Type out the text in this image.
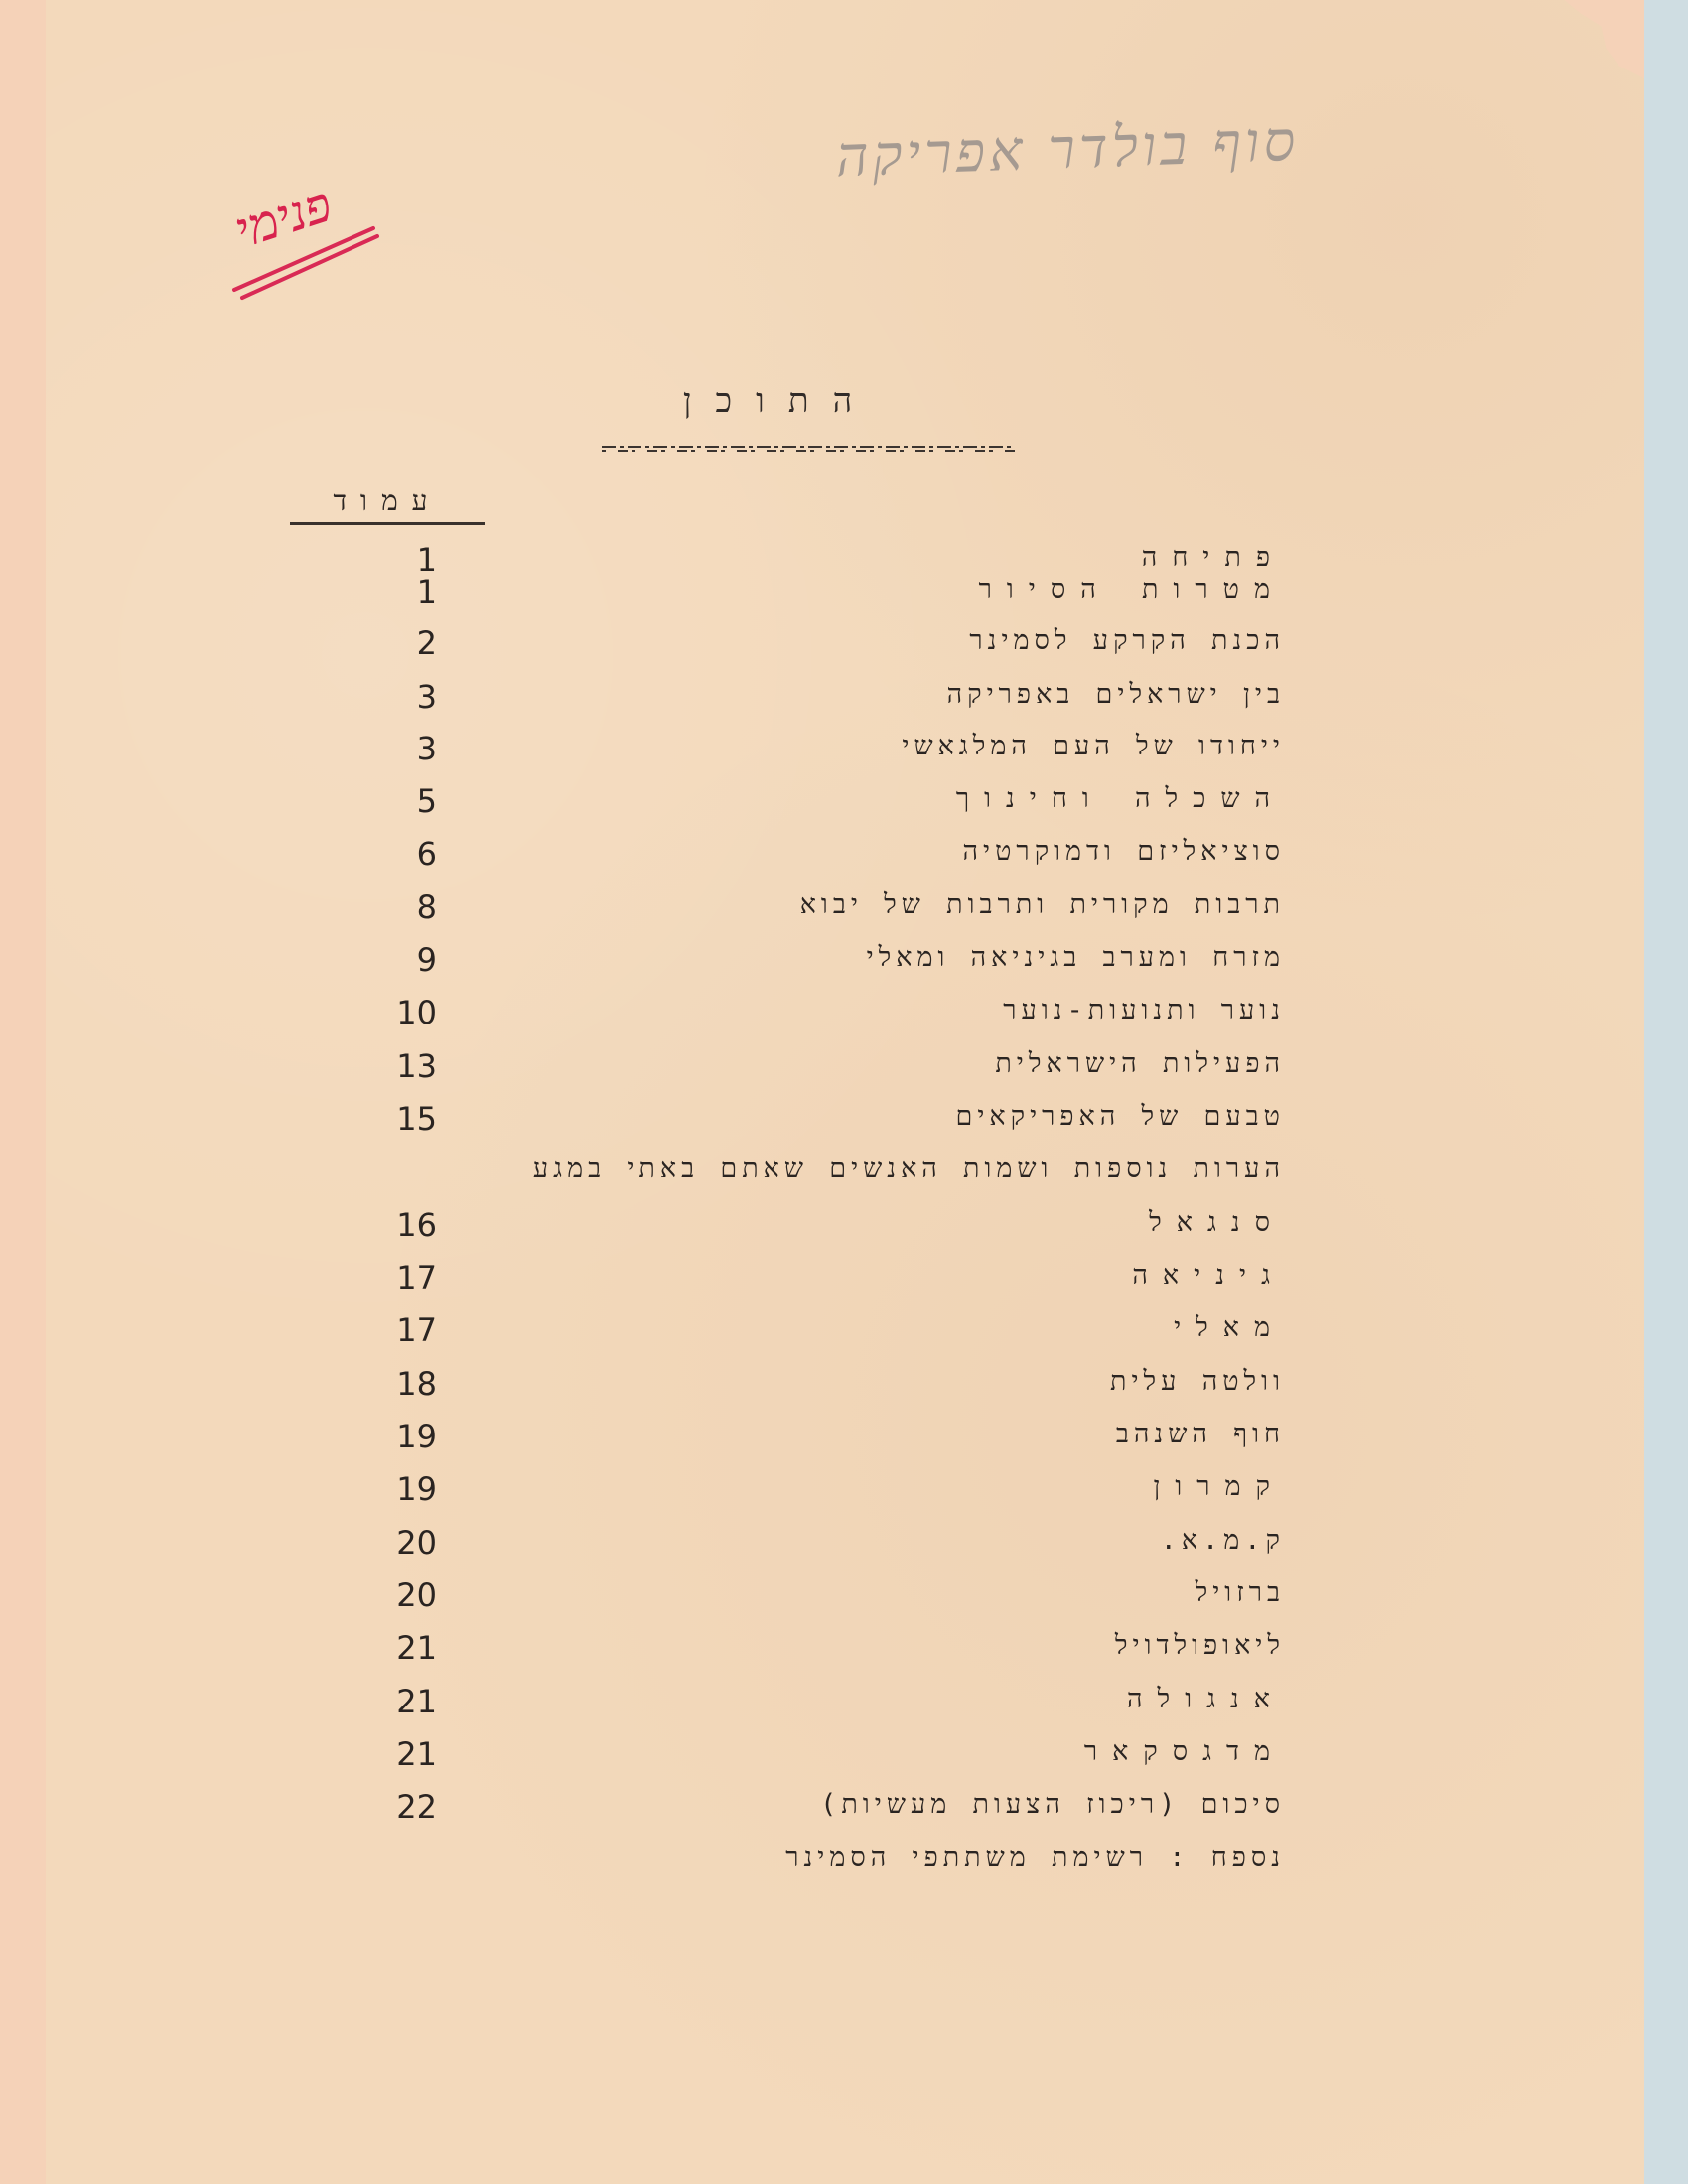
סוף בולדר אפריקה
פנימי
התוכן
עמוד
פתיחה
1
מטרות הסיור
1
הכנת הקרקע לסמינר
2
בין ישראלים באפריקה
3
ייחודו של העם המלגאשי
3
השכלה וחינוך
5
סוציאליזם ודמוקרטיה
6
תרבות מקורית ותרבות של יבוא
8
מזרח ומערב בגיניאה ומאלי
9
נוער ותנועות-נוער
10
הפעילות הישראלית
13
טבעם של האפריקאים
15
הערות נוספות ושמות האנשים שאתם באתי במגע
סנגאל
16
גיניאה
17
מאלי
17
וולטה עלית
18
חוף השנהב
19
קמרון
19
ק.מ.א.
20
ברזויל
20
ליאופולדויל
21
אנגולה
21
מדגסקאר
21
סיכום (ריכוז הצעות מעשיות)
22
נספח : רשימת משתתפי הסמינר
